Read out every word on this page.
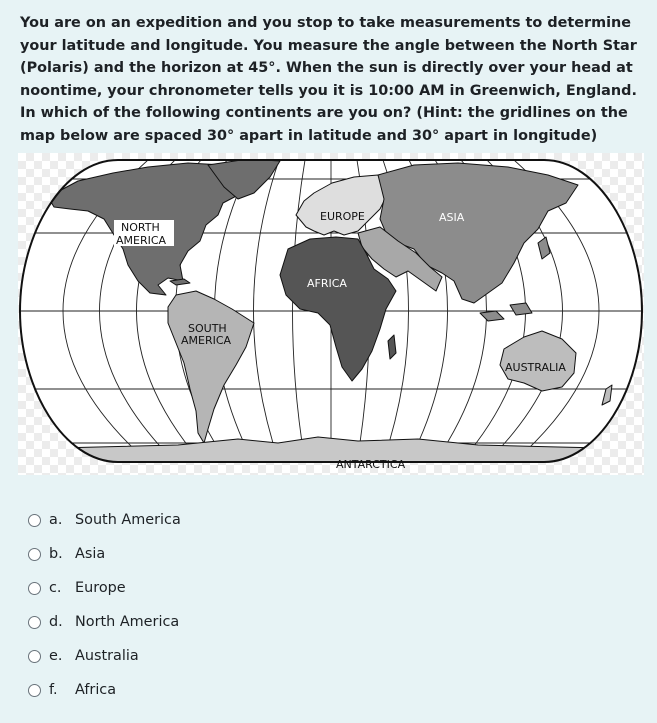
You are on an expedition and you stop to take measurements to determine your latitude and longitude. You measure the angle between the North Star (Polaris) and the horizon at 45°. When the sun is directly over your head at noontime, your chronometer tells you it is 10:00 AM in Greenwich, England. In which of the following continents are you on? (Hint: the gridlines on the map below are spaced 30° apart in latitude and 30° apart in longitude)

NORTH
AMERICA
SOUTH
AMERICA
EUROPE	ASIA
AFRICA
AUSTRALIA
ANTARCTICA
a. South America
b. Asia
c. Europe
d. North America
e. Australia
f.	Africa
